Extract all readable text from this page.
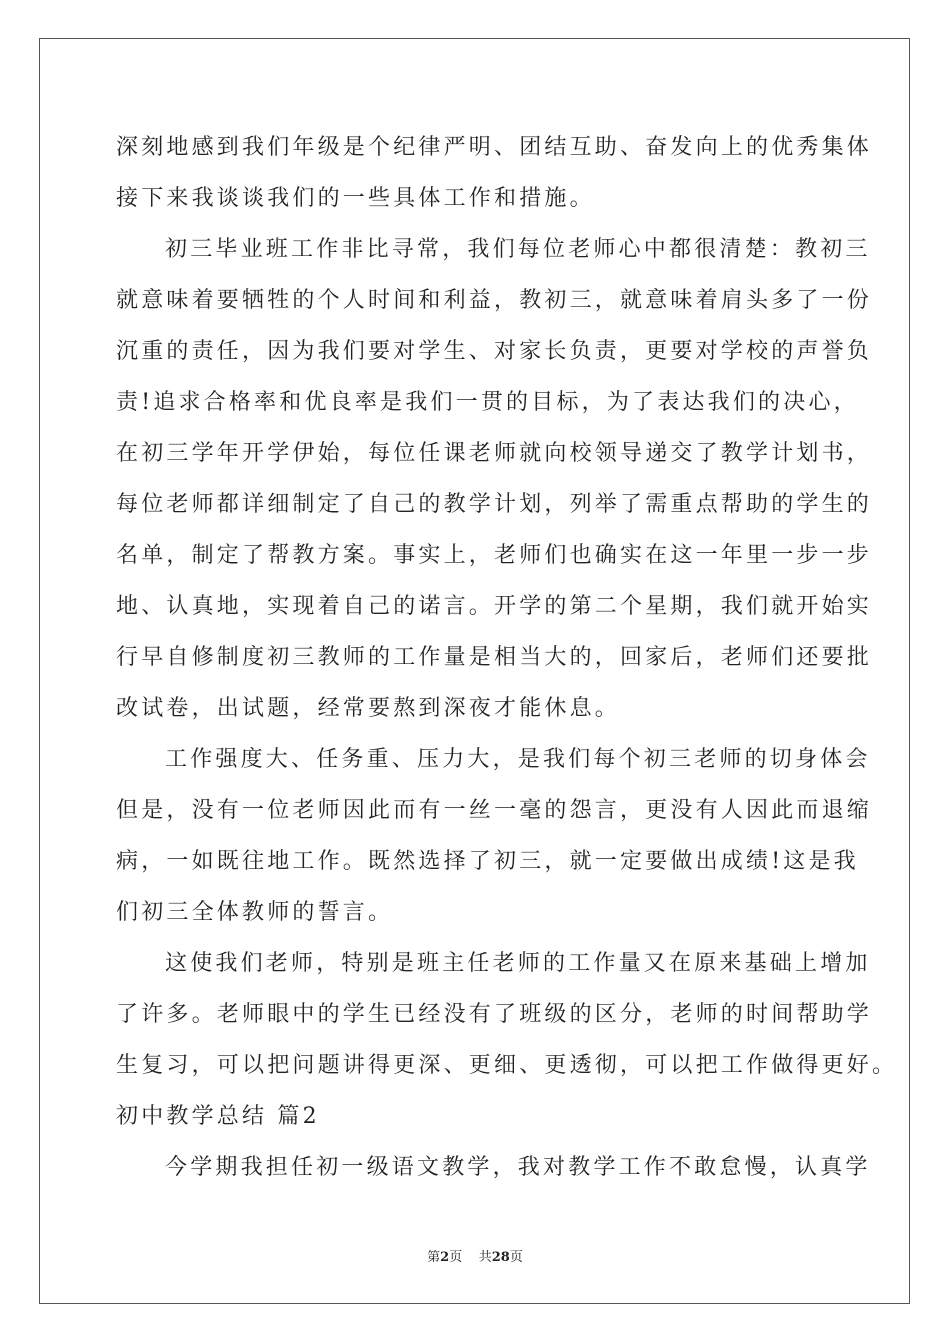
深刻地感到我们年级是个纪律严明、团结互助、奋发向上的优秀集体
接下来我谈谈我们的一些具体工作和措施。
初三毕业班工作非比寻常，我们每位老师心中都很清楚：教初三
就意味着要牺牲的个人时间和利益，教初三，就意味着肩头多了一份
沉重的责任，因为我们要对学生、对家长负责，更要对学校的声誉负
责!追求合格率和优良率是我们一贯的目标，为了表达我们的决心，
在初三学年开学伊始，每位任课老师就向校领导递交了教学计划书，
每位老师都详细制定了自己的教学计划，列举了需重点帮助的学生的
名单，制定了帮教方案。事实上，老师们也确实在这一年里一步一步
地、认真地，实现着自己的诺言。开学的第二个星期，我们就开始实
行早自修制度初三教师的工作量是相当大的，回家后，老师们还要批
改试卷，出试题，经常要熬到深夜才能休息。
工作强度大、任务重、压力大，是我们每个初三老师的切身体会
但是，没有一位老师因此而有一丝一毫的怨言，更没有人因此而退缩
病，一如既往地工作。既然选择了初三，就一定要做出成绩!这是我
们初三全体教师的誓言。
这使我们老师，特别是班主任老师的工作量又在原来基础上增加
了许多。老师眼中的学生已经没有了班级的区分，老师的时间帮助学
生复习，可以把问题讲得更深、更细、更透彻，可以把工作做得更好。
初中教学总结 篇2
今学期我担任初一级语文教学，我对教学工作不敢怠慢，认真学
第2页 共28页
